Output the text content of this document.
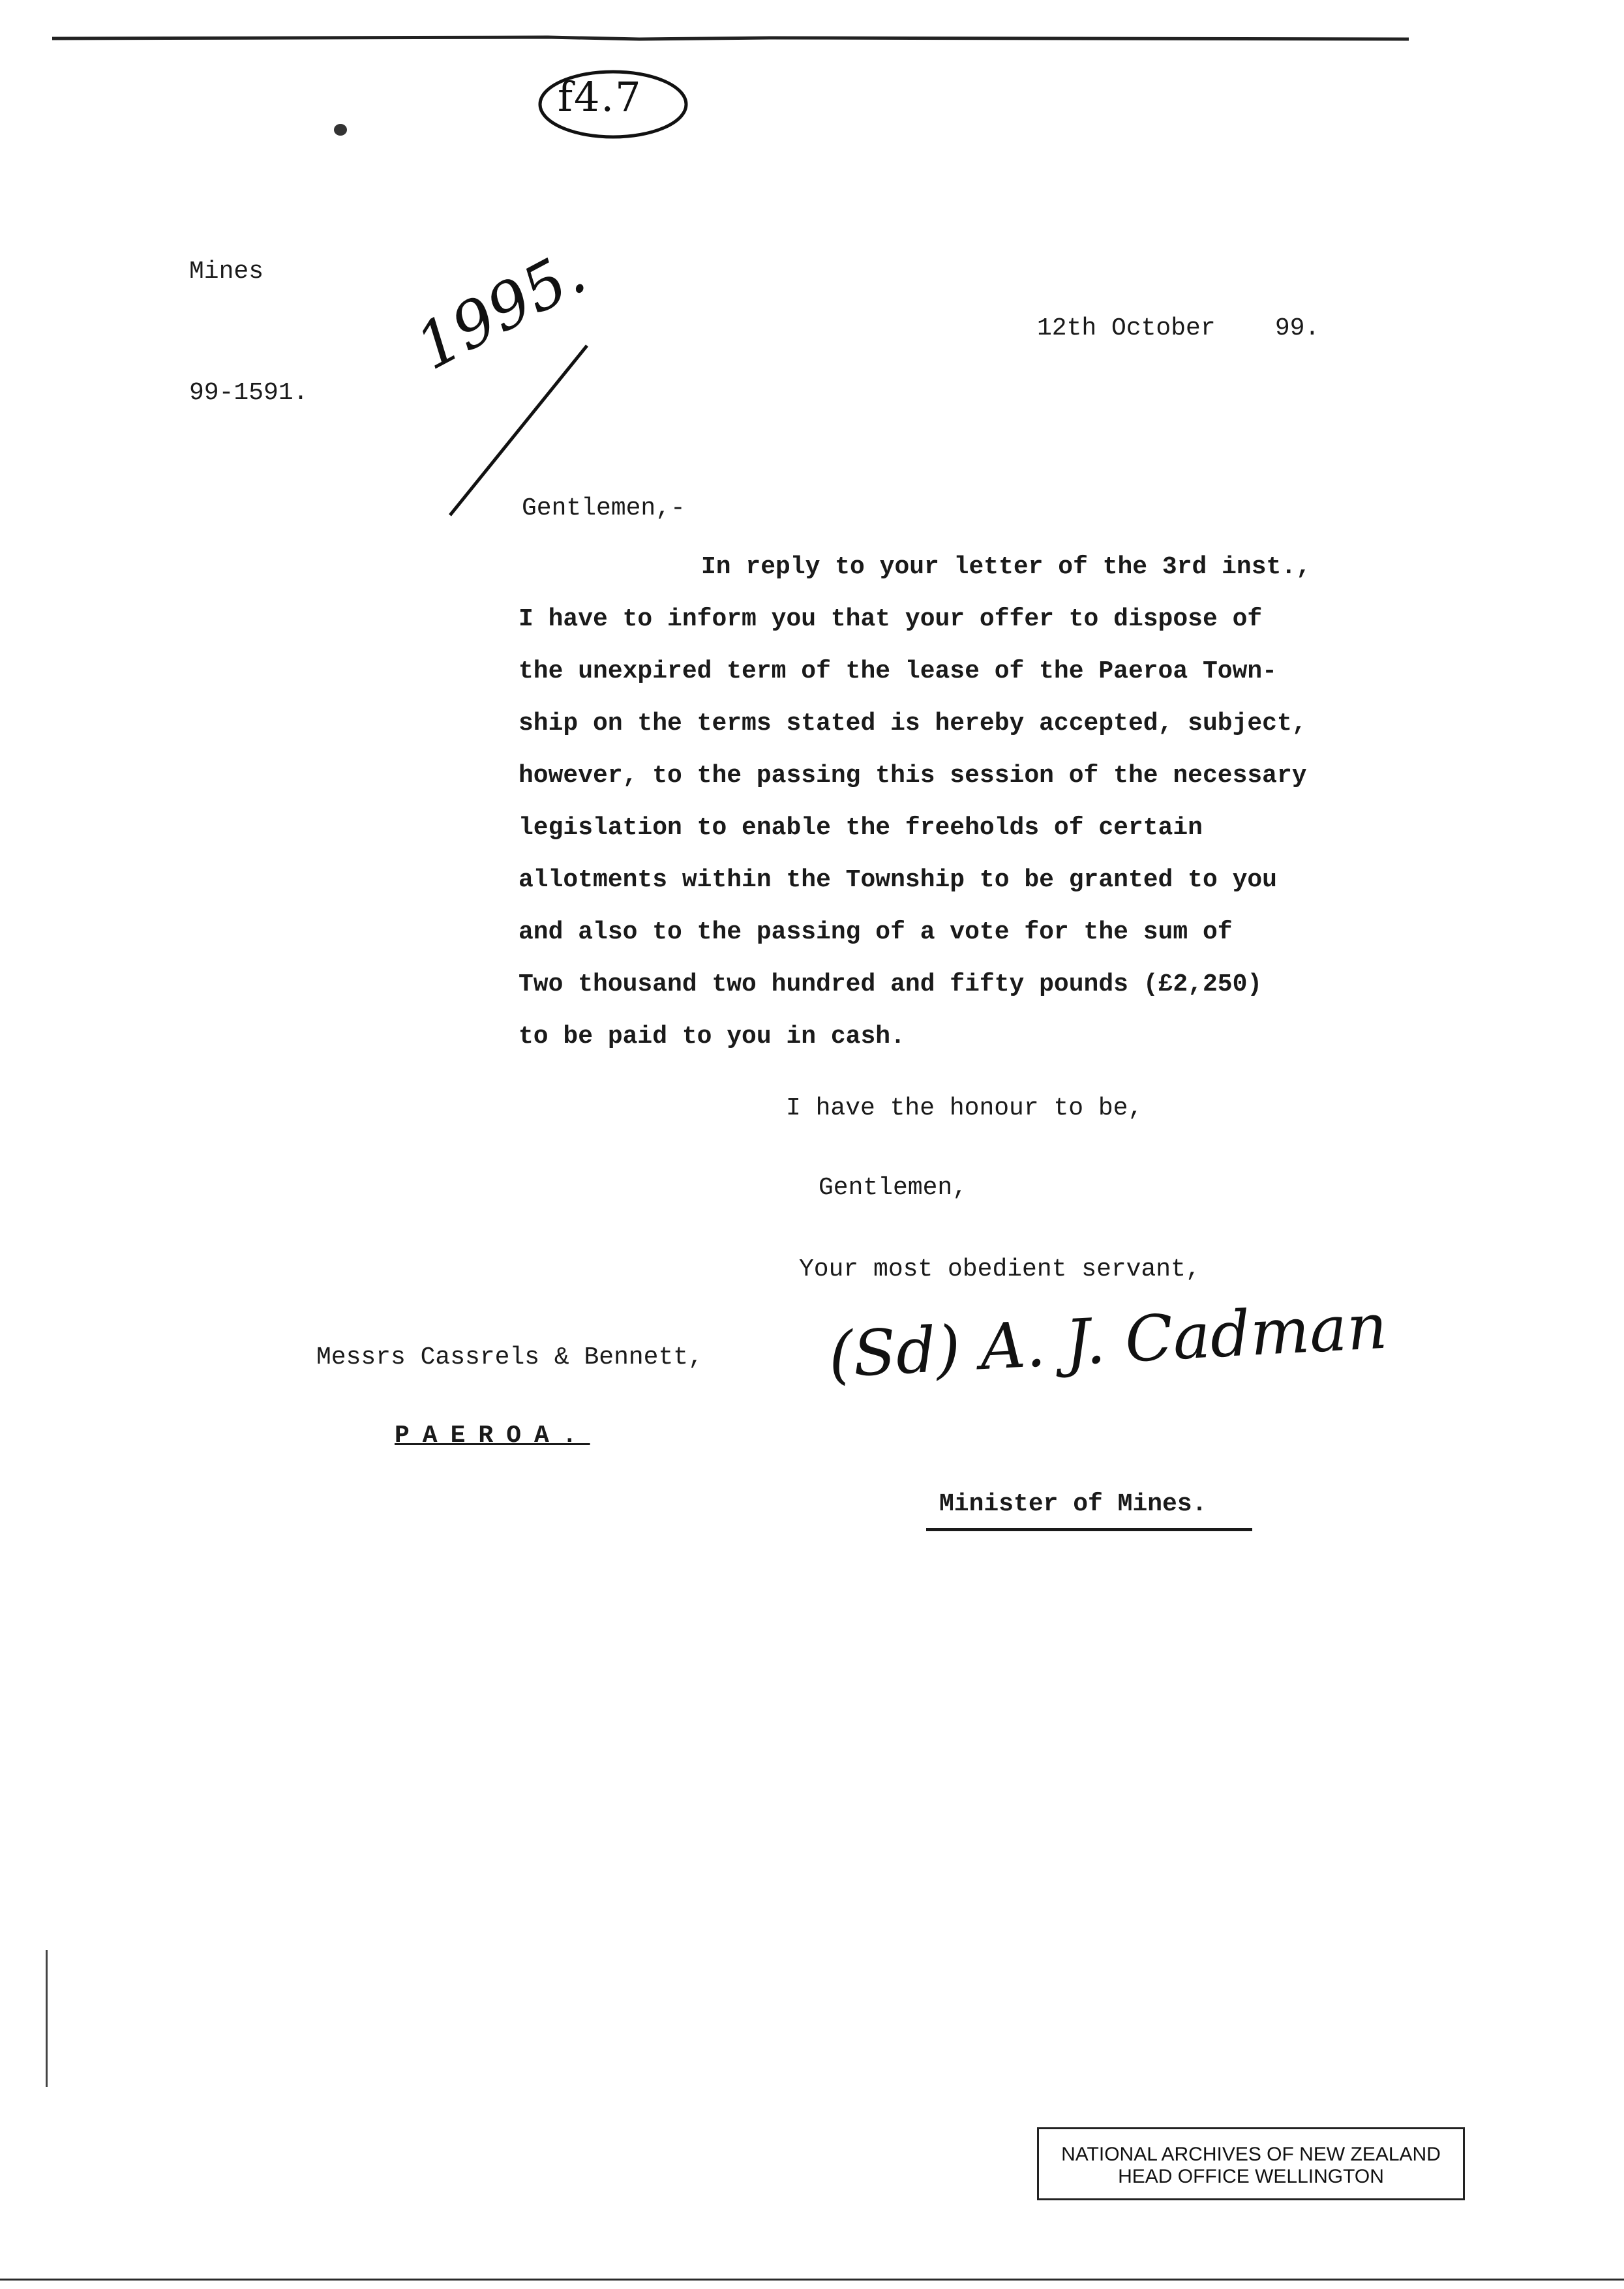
f4.7

Mines

99-1591.

1995.	12th October    99.
Gentlemen,-
In reply to your letter of the 3rd inst.,
I have to inform you that your offer to dispose of
the unexpired term of the lease of the Paeroa Town-
ship on the terms stated is hereby accepted, subject,
however, to the passing this session of the necessary
legislation to enable the freeholds of certain
allotments within the Township to be granted to you
and also to the passing of a vote for the sum of
Two thousand two hundred and fifty pounds (£2,250)
to be paid to you in cash.
I have the honour to be,
Gentlemen,
Your most obedient servant,
Messrs Cassrels & Bennett,
PAEROA.
(Sd) A. J. Cadman
Minister of Mines.
NATIONAL ARCHIVES OF NEW ZEALAND
HEAD OFFICE WELLINGTON
